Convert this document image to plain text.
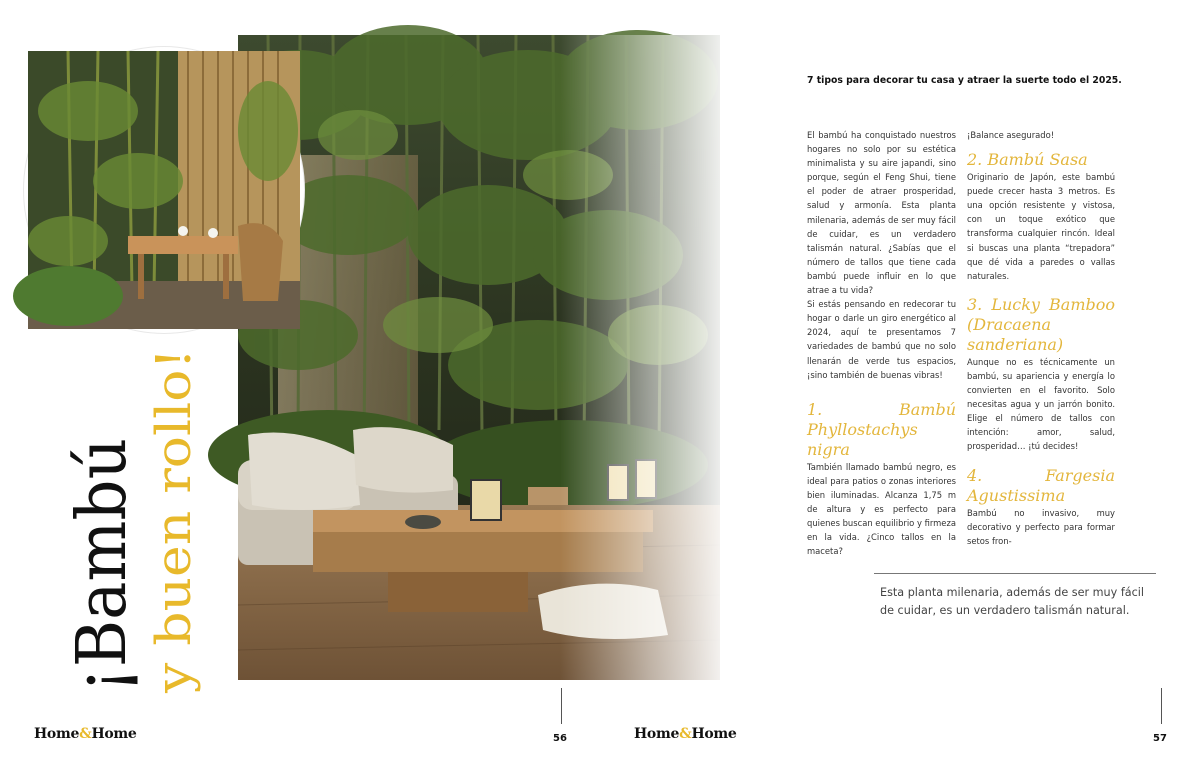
¡Bambú y buen rollo!
Home&Home	56
7 tipos para decorar tu casa y atraer la suerte todo el 2025.

El bambú ha conquistado nuestros hogares no solo por su estética minimalista y su aire japandi, sino porque, según el Feng Shui, tiene el poder de atraer prosperidad, salud y armonía. Esta planta milenaria, además de ser muy fácil de cuidar, es un verdadero talismán natural. ¿Sabías que el número de tallos que tiene cada bambú puede influir en lo que atrae a tu vida?

Si estás pensando en redecorar tu hogar o darle un giro energético al 2024, aquí te presentamos 7 variedades de bambú que no solo llenarán de verde tus espacios, ¡sino también de buenas vibras!

1. Bambú Phyllostachys nigra

También llamado bambú negro, es ideal para patios o zonas interiores bien iluminadas. Alcanza 1,75 m de altura y es perfecto para quienes buscan equilibrio y firmeza en la vida. ¿Cinco tallos en la maceta?

¡Balance asegurado!

2. Bambú Sasa

Originario de Japón, este bambú puede crecer hasta 3 metros. Es una opción resistente y vistosa, con un toque exótico que transforma cualquier rincón. Ideal si buscas una planta “trepadora” que dé vida a paredes o vallas naturales.

3. Lucky Bamboo (Dracaena sanderiana)

Aunque no es técnicamente un bambú, su apariencia y energía lo convierten en el favorito. Solo necesitas agua y un jarrón bonito. Elige el número de tallos con intención: amor, salud, prosperidad… ¡tú decides!

4. Fargesia Agustissima

Bambú no invasivo, muy decorativo y perfecto para formar setos fron-

Esta planta milenaria, además de ser muy fácil de cuidar, es un verdadero talismán natural.
Home&Home	57
